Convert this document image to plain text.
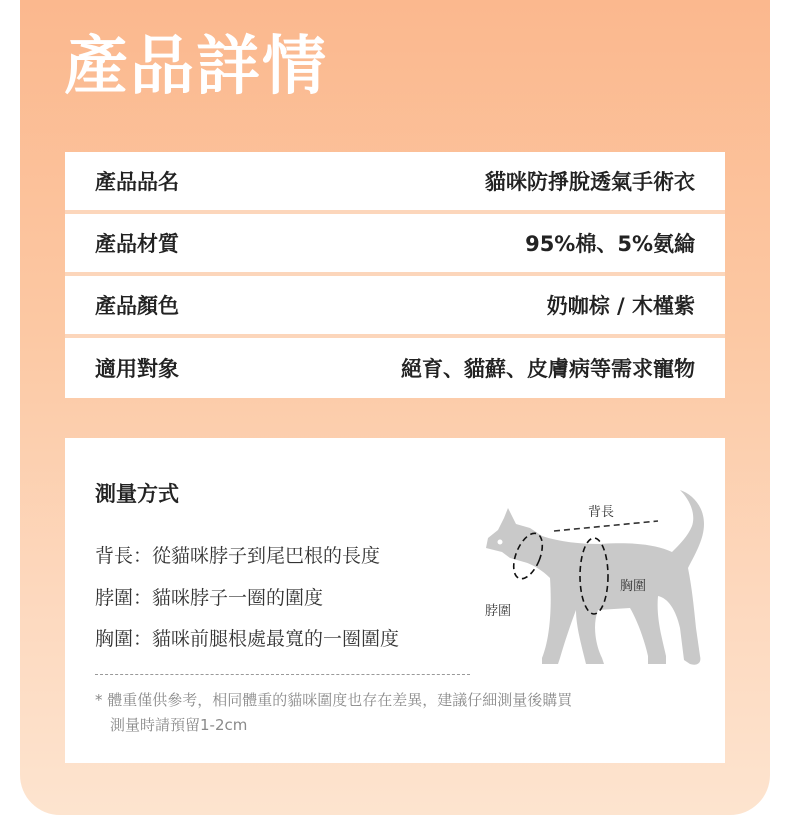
產品詳情
產品品名	貓咪防掙脫透氣手術衣
產品材質	95%棉、5%氨綸
產品顏色	奶咖棕 / 木槿紫
適用對象	絕育、貓蘚、皮膚病等需求寵物
測量方式
背長：從貓咪脖子到尾巴根的長度
脖圍：貓咪脖子一圈的圍度
胸圍：貓咪前腿根處最寬的一圈圍度
* 體重僅供參考，相同體重的貓咪圍度也存在差異，建議仔細測量後購買
測量時請預留1-2cm
背長
脖圍
胸圍
